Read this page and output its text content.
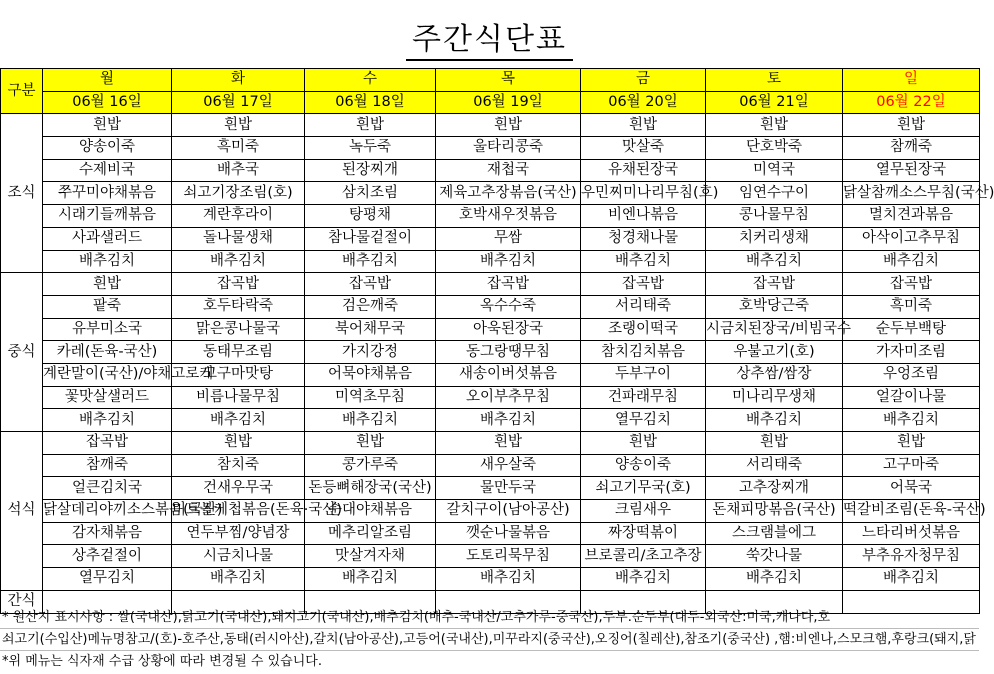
주간식단표
구분	월	화	수	목	금	토	일
	06월 16일	06월 17일	06월 18일	06월 19일	06월 20일	06월 21일	06월 22일
조식	흰밥	흰밥	흰밥	흰밥	흰밥	흰밥	흰밥
	양송이죽	흑미죽	녹두죽	울타리콩죽	맛살죽	단호박죽	참깨죽
	수제비국	배추국	된장찌개	재첩국	유채된장국	미역국	열무된장국
	쭈꾸미야채볶음	쇠고기장조림(호)	삼치조림	제육고추장볶음(국산)	우민찌미나리무침(호)	임연수구이	닭살참깨소스무침(국산)
	시래기들깨볶음	계란후라이	탕평채	호박새우젓볶음	비엔나볶음	콩나물무침	멸치견과볶음
	사과샐러드	돌나물생채	참나물겉절이	무쌈	청경채나물	치커리생채	아삭이고추무침
	배추김치	배추김치	배추김치	배추김치	배추김치	배추김치	배추김치
중식	흰밥	잡곡밥	잡곡밥	잡곡밥	잡곡밥	잡곡밥	잡곡밥
	팥죽	호두타락죽	검은깨죽	옥수수죽	서리태죽	호박당근죽	흑미죽
	유부미소국	맑은콩나물국	북어채무국	아욱된장국	조랭이떡국	시금치된장국/비빔국수	순두부백탕
	카레(돈육-국산)	동태무조림	가지강정	동그랑땡무침	참치김치볶음	우불고기(호)	가자미조림
	계란말이(국산)/야채고로케	고구마맛탕	어묵야채볶음	새송이버섯볶음	두부구이	상추쌈/쌈장	우엉조림
	꽃맛살샐러드	비름나물무침	미역초무침	오이부추무침	건파래무침	미나리무생채	얼갈이나물
	배추김치	배추김치	배추김치	배추김치	열무김치	배추김치	배추김치
석식	잡곡밥	흰밥	흰밥	흰밥	흰밥	흰밥	흰밥
	참깨죽	참치죽	콩가루죽	새우살죽	양송이죽	서리태죽	고구마죽
	얼큰김치국	건새우무국	돈등뼈해장국(국산)	물만두국	쇠고기무국(호)	고추장찌개	어묵국
	닭살데리야끼소스볶음(국산)	미트볼케첩볶음(돈육·국산)	순대야채볶음	갈치구이(남아공산)	크림새우	돈채피망볶음(국산)	떡갈비조림(돈육-국산)
	감자채볶음	연두부찜/양념장	메추리알조림	깻순나물볶음	짜장떡볶이	스크램블에그	느타리버섯볶음
	상추겉절이	시금치나물	맛살겨자채	도토리묵무침	브로콜리/초고추장	쑥갓나물	부추유자청무침
	열무김치	배추김치	배추김치	배추김치	배추김치	배추김치	배추김치
간식							
* 원산지 표시사항 : 쌀(국내산),닭고기(국내산),돼지고기(국내산),배추김치(배추-국내산/고추가루-중국산),두부.순두부(대두-외국산:미국,캐나다,호
쇠고기(수입산)메뉴명참고/(호)-호주산,동태(러시아산),갈치(남아공산),고등어(국내산),미꾸라지(중국산),오징어(칠레산),참조기(중국산) ,햄:비엔나,스모크햄,후랑크(돼지,닭
*위 메뉴는 식자재 수급 상황에 따라 변경될 수 있습니다.
